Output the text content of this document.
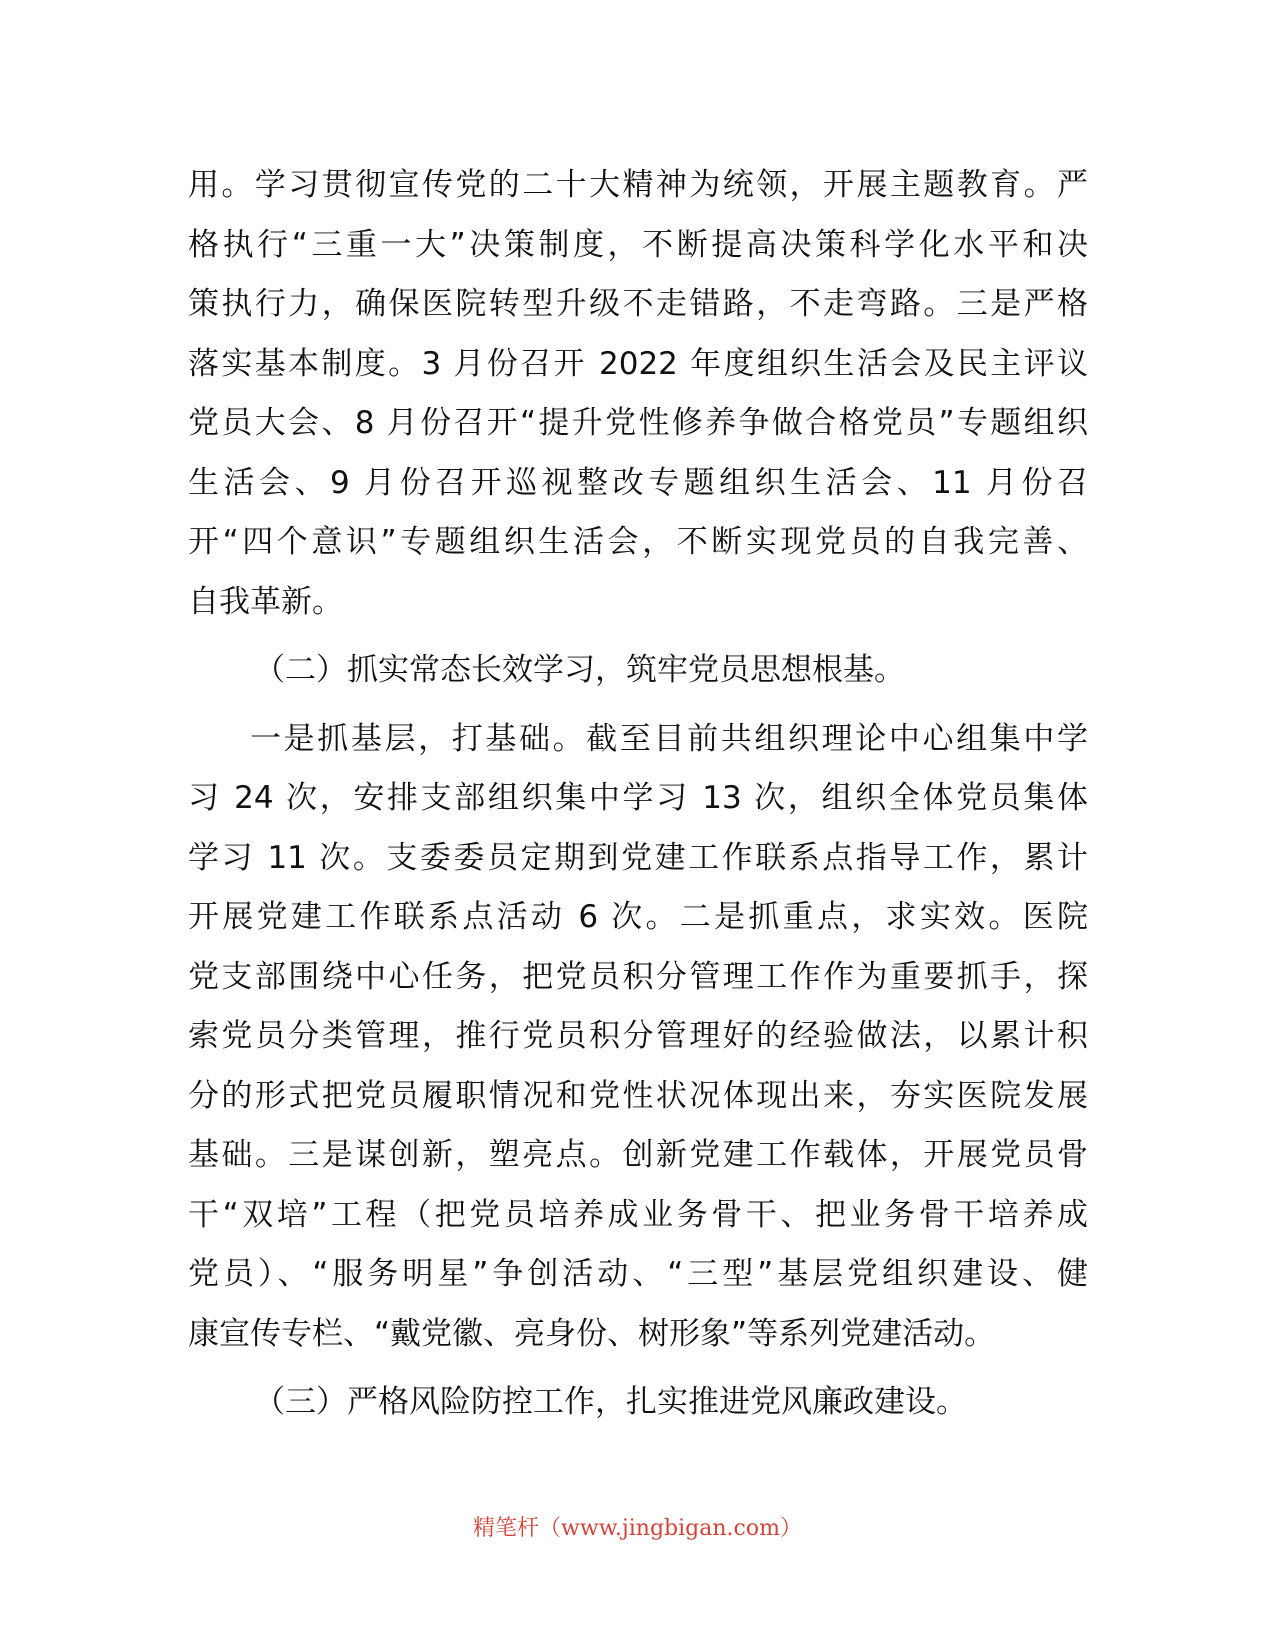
用。学习贯彻宣传党的二十大精神为统领，开展主题教育。严
格执行“三重一大”决策制度，不断提高决策科学化水平和决
策执行力，确保医院转型升级不走错路，不走弯路。三是严格
落实基本制度。3 月份召开 2022 年度组织生活会及民主评议
党员大会、8 月份召开“提升党性修养争做合格党员”专题组织
生活会、9 月份召开巡视整改专题组织生活会、11 月份召
开“四个意识”专题组织生活会，不断实现党员的自我完善、
自我革新。
（二）抓实常态长效学习，筑牢党员思想根基。
一是抓基层，打基础。截至目前共组织理论中心组集中学
习 24 次，安排支部组织集中学习 13 次，组织全体党员集体
学习 11 次。支委委员定期到党建工作联系点指导工作，累计
开展党建工作联系点活动 6 次。二是抓重点，求实效。医院
党支部围绕中心任务，把党员积分管理工作作为重要抓手，探
索党员分类管理，推行党员积分管理好的经验做法，以累计积
分的形式把党员履职情况和党性状况体现出来，夯实医院发展
基础。三是谋创新，塑亮点。创新党建工作载体，开展党员骨
干“双培”工程（把党员培养成业务骨干、把业务骨干培养成
党员）、“服务明星”争创活动、“三型”基层党组织建设、健
康宣传专栏、“戴党徽、亮身份、树形象”等系列党建活动。
（三）严格风险防控工作，扎实推进党风廉政建设。
精笔杆（www.jingbigan.com）
